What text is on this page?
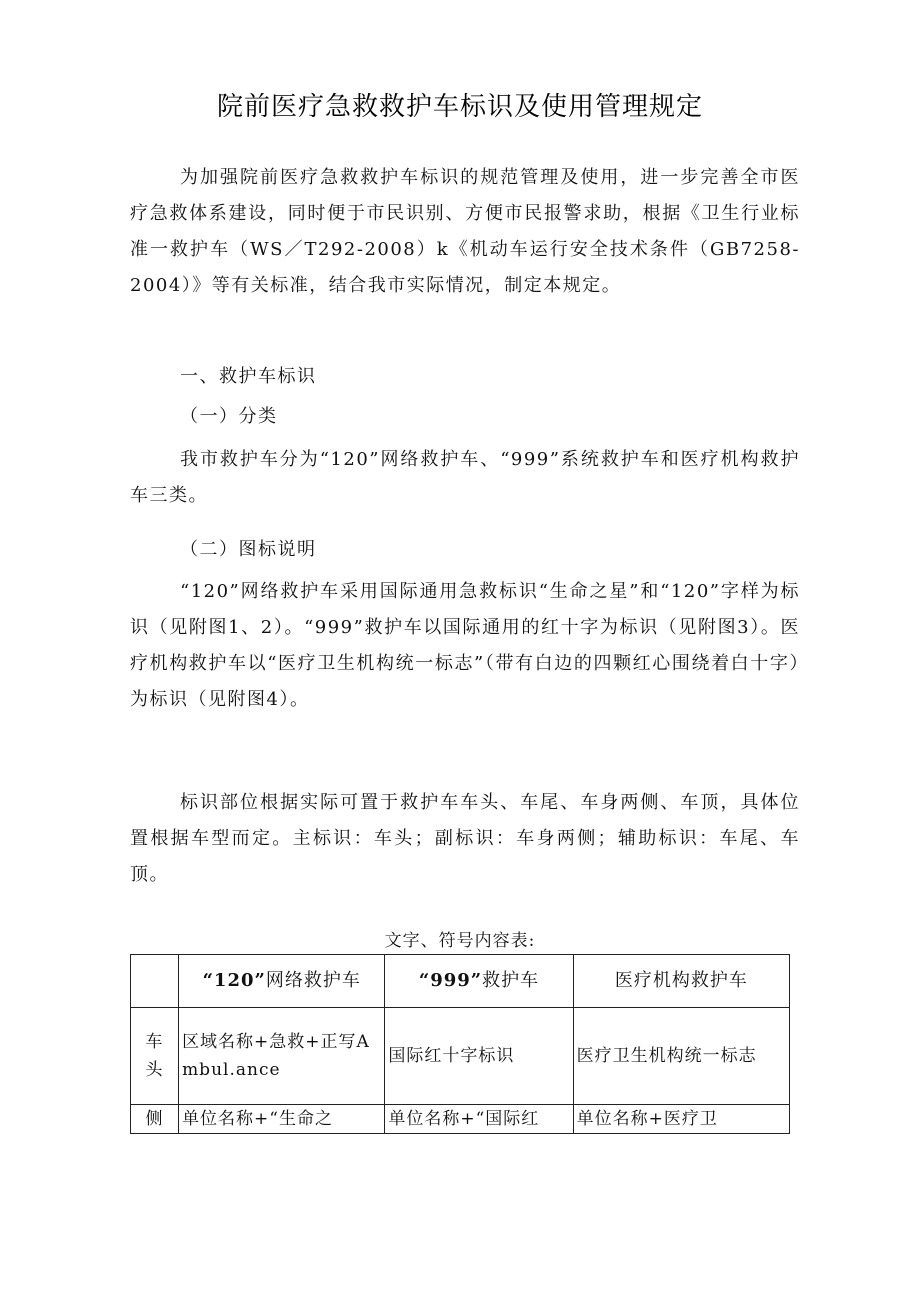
院前医疗急救救护车标识及使用管理规定
为加强院前医疗急救救护车标识的规范管理及使用，进一步完善全市医疗急救体系建设，同时便于市民识别、方便市民报警求助，根据《卫生行业标准一救护车（WS／T292-2008）k《机动车运行安全技术条件（GB7258-2004）》等有关标准，结合我市实际情况，制定本规定。
一、救护车标识
（一）分类
我市救护车分为“120”网络救护车、“999”系统救护车和医疗机构救护车三类。
（二）图标说明
“120”网络救护车采用国际通用急救标识“生命之星”和“120”字样为标识（见附图1、2）。“999”救护车以国际通用的红十字为标识（见附图3）。医疗机构救护车以“医疗卫生机构统一标志”（带有白边的四颗红心围绕着白十字）为标识（见附图4）。
标识部位根据实际可置于救护车车头、车尾、车身两侧、车顶，具体位置根据车型而定。主标识：车头；副标识：车身两侧；辅助标识：车尾、车顶。
文字、符号内容表:
	“120”网络救护车	“999”救护车	医疗机构救护车

车
头	区域名称+急救+正写Ambul.ance	国际红十字标识	医疗卫生机构统一标志
侧	单位名称+“生命之	单位名称+“国际红	单位名称+医疗卫
